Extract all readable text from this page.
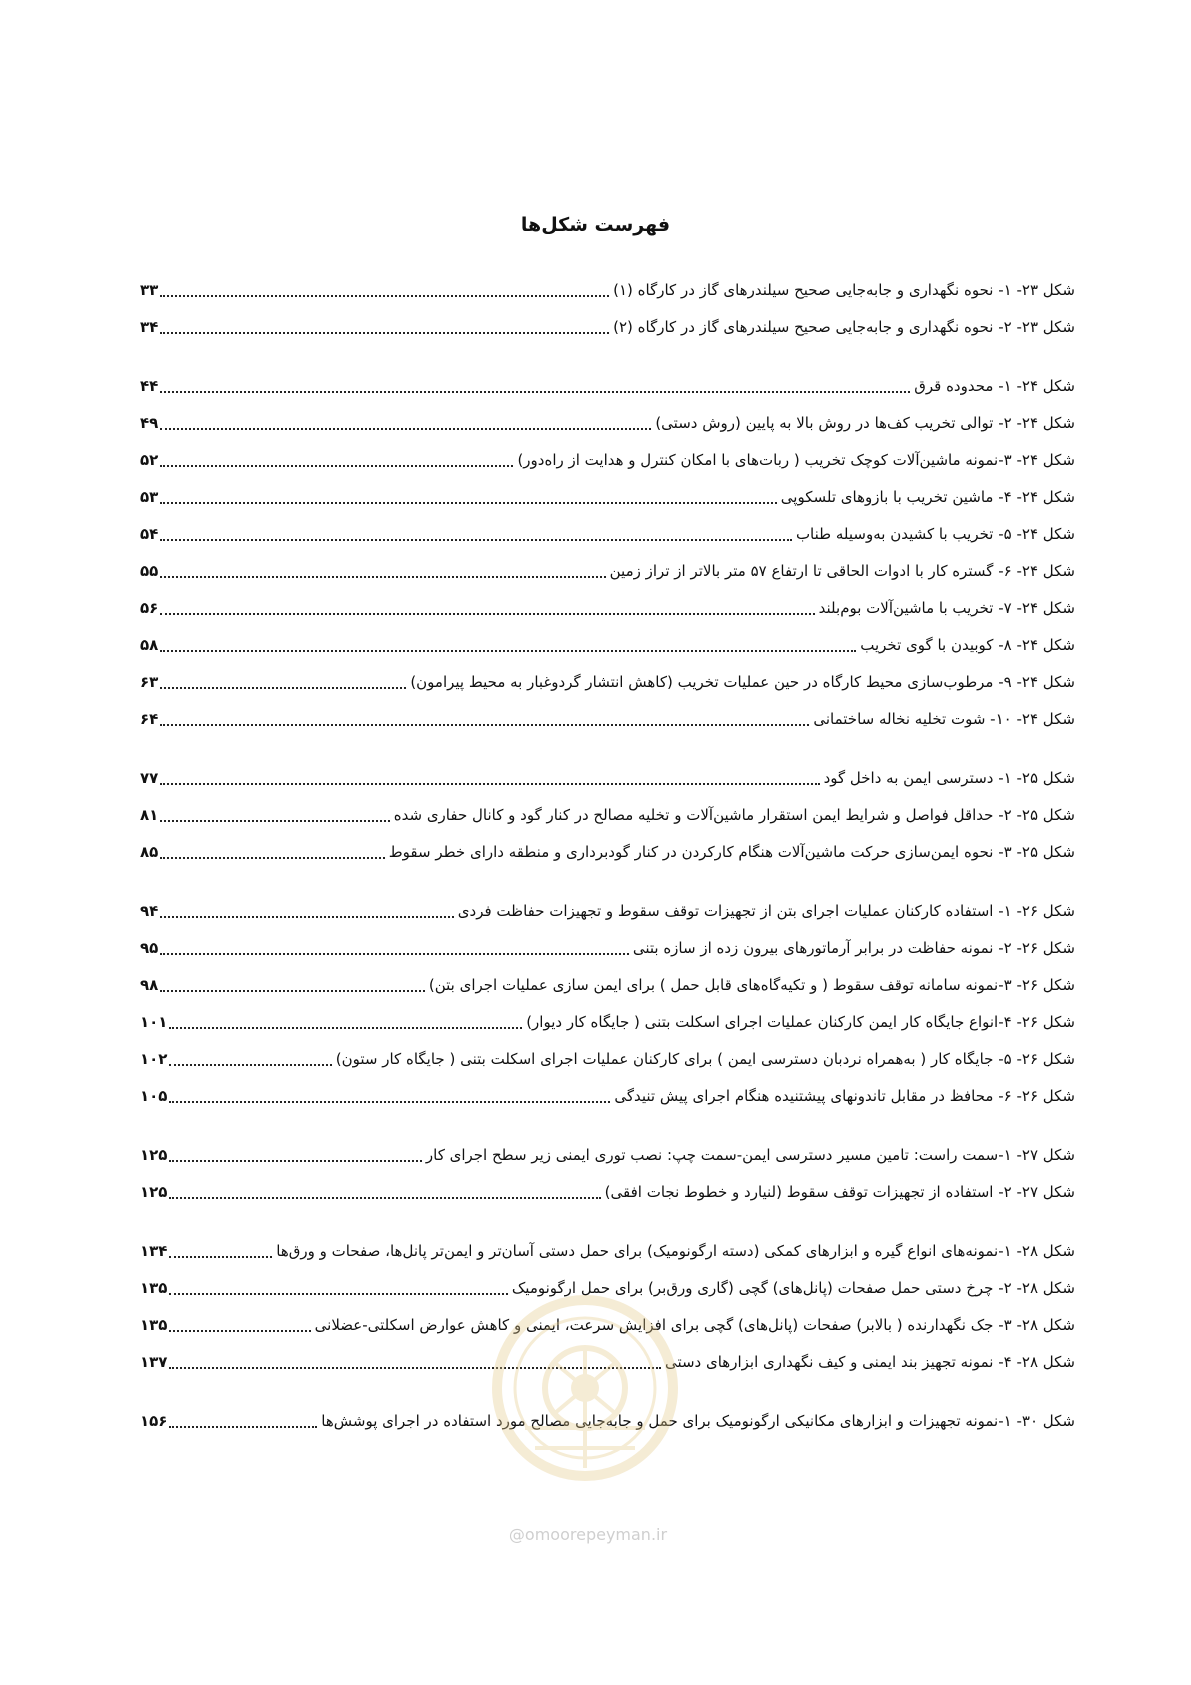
فهرست شکل‌ها
شکل ۲۳- ۱- نحوه نگهداری و جابه‌جایی صحیح سیلندرهای گاز در کارگاه (۱)
۳۳
شکل ۲۳- ۲- نحوه نگهداری و جابه‌جایی صحیح سیلندرهای گاز در کارگاه (۲)
۳۴
شکل ۲۴- ۱- محدوده قرق
۴۴
شکل ۲۴- ۲- توالی تخریب کف‌ها در روش بالا به پایین (روش دستی)
۴۹
شکل ۲۴- ۳-نمونه ماشین‌آلات کوچک تخریب ( ربات‌های با امکان کنترل و هدایت از راه‌دور)
۵۲
شکل ۲۴- ۴- ماشین تخریب با بازوهای تلسکوپی
۵۳
شکل ۲۴- ۵- تخریب با کشیدن به‌وسیله طناب
۵۴
شکل ۲۴- ۶- گستره کار با ادوات الحاقی تا ارتفاع ۵۷ متر بالاتر از تراز زمین
۵۵
شکل ۲۴- ۷- تخریب با ماشین‌آلات بوم‌بلند
۵۶
شکل ۲۴- ۸- کوبیدن با گوی تخریب
۵۸
شکل ۲۴- ۹- مرطوب‌سازی محیط کارگاه در حین عملیات تخریب (کاهش انتشار گردوغبار به محیط پیرامون)
۶۳
شکل ۲۴- ۱۰- شوت تخلیه نخاله ساختمانی
۶۴
شکل ۲۵- ۱- دسترسی ایمن به داخل گود
۷۷
شکل ۲۵- ۲- حداقل فواصل و شرایط ایمن استقرار ماشین‌آلات و تخلیه مصالح در کنار گود و کانال حفاری شده
۸۱
شکل ۲۵- ۳- نحوه ایمن‌سازی حرکت ماشین‌آلات هنگام کارکردن در کنار گودبرداری و منطقه دارای خطر سقوط
۸۵
شکل ۲۶- ۱- استفاده کارکنان عملیات اجرای بتن از تجهیزات توقف سقوط و تجهیزات حفاظت فردی
۹۴
شکل ۲۶- ۲- نمونه حفاظت در برابر آرماتورهای بیرون زده از سازه بتنی
۹۵
شکل ۲۶- ۳-نمونه سامانه توقف سقوط ( و تکیه‌گاه‌های قابل حمل ) برای ایمن سازی عملیات اجرای بتن)
۹۸
شکل ۲۶- ۴-انواع جایگاه کار ایمن کارکنان عملیات اجرای اسکلت بتنی ( جایگاه کار دیوار)
۱۰۱
شکل ۲۶- ۵- جایگاه کار ( به‌همراه نردبان دسترسی ایمن ) برای کارکنان عملیات اجرای اسکلت بتنی ( جایگاه کار ستون)
۱۰۲
شکل ۲۶- ۶- محافظ در مقابل تاندونهای پیشتنیده هنگام اجرای پیش تنیدگی
۱۰۵
شکل ۲۷- ۱-سمت راست: تامین مسیر دسترسی ایمن-سمت چپ: نصب توری ایمنی زیر سطح اجرای کار
۱۲۵
شکل ۲۷- ۲- استفاده از تجهیزات توقف سقوط (لنیارد و خطوط نجات افقی)
۱۲۵
شکل ۲۸- ۱-نمونه‌های انواع گیره و ابزارهای کمکی (دسته ارگونومیک) برای حمل دستی آسان‌تر و ایمن‌تر پانل‌ها، صفحات و ورق‌ها
۱۳۴
شکل ۲۸- ۲- چرخ دستی حمل صفحات (پانل‌های) گچی (گاری ورق‌بر) برای حمل ارگونومیک
۱۳۵
شکل ۲۸- ۳- جک نگهدارنده ( بالابر) صفحات (پانل‌های) گچی برای افزایش سرعت، ایمنی و کاهش عوارض اسکلتی-عضلانی
۱۳۵
شکل ۲۸- ۴- نمونه تجهیز بند ایمنی و کیف نگهداری ابزارهای دستی
۱۳۷
شکل ۳۰- ۱-نمونه تجهیزات و ابزارهای مکانیکی ارگونومیک برای حمل و جابه‌جایی مصالح مورد استفاده در اجرای پوشش‌ها
۱۵۶
@omoorepeyman.ir
